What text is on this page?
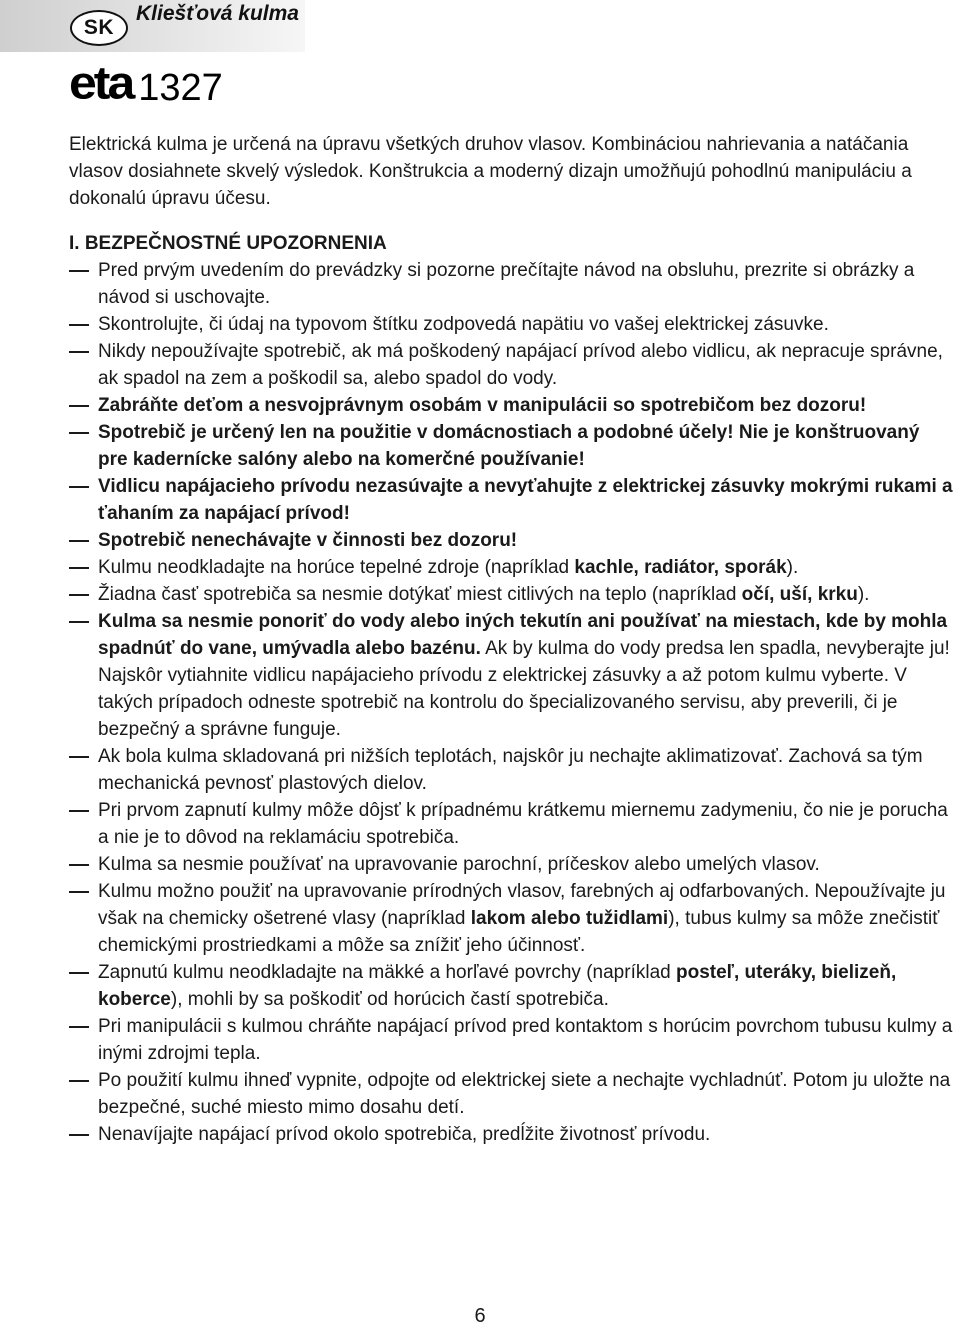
SK
Kliešťová kulma
eta 1327

Elektrická kulma je určená na úpravu všetkých druhov vlasov. Kombináciou nahrievania a natáčania vlasov dosiahnete skvelý výsledok. Konštrukcia a moderný dizajn umožňujú pohodlnú manipuláciu a dokonalú úpravu účesu.

I. BEZPEČNOSTNÉ UPOZORNENIA
Pred prvým uvedením do prevádzky si pozorne prečítajte návod na obsluhu, prezrite si obrázky a návod si uschovajte.
Skontrolujte, či údaj na typovom štítku zodpovedá napätiu vo vašej elektrickej zásuvke.
Nikdy nepoužívajte spotrebič, ak má poškodený napájací prívod alebo vidlicu, ak nepracuje správne, ak spadol na zem a poškodil sa, alebo spadol do vody.
Zabráňte deťom a nesvojprávnym osobám v manipulácii so spotrebičom bez dozoru!
Spotrebič je určený len na použitie v domácnostiach a podobné účely! Nie je konštruovaný pre kadernícke salóny alebo na komerčné používanie!
Vidlicu napájacieho prívodu nezasúvajte a nevyťahujte z elektrickej zásuvky mokrými rukami a ťahaním za napájací prívod!
Spotrebič nenechávajte v činnosti bez dozoru!
Kulmu neodkladajte na horúce tepelné zdroje (napríklad kachle, radiátor, sporák).
Žiadna časť spotrebiča sa nesmie dotýkať miest citlivých na teplo (napríklad očí, uší, krku).
Kulma sa nesmie ponoriť do vody alebo iných tekutín ani používať na miestach, kde by mohla spadnúť do vane, umývadla alebo bazénu. Ak by kulma do vody predsa len spadla, nevyberajte ju! Najskôr vytiahnite vidlicu napájacieho prívodu z elektrickej zásuvky a až potom kulmu vyberte. V takých prípadoch odneste spotrebič na kontrolu do špecializovaného servisu, aby preverili, či je bezpečný a správne funguje.
Ak bola kulma skladovaná pri nižších teplotách, najskôr ju nechajte aklimatizovať. Zachová sa tým mechanická pevnosť plastových dielov.
Pri prvom zapnutí kulmy môže dôjsť k prípadnému krátkemu miernemu zadymeniu, čo nie je porucha a nie je to dôvod na reklamáciu spotrebiča.
Kulma sa nesmie používať na upravovanie parochní, príčeskov alebo umelých vlasov.
Kulmu možno použiť na upravovanie prírodných vlasov, farebných aj odfarbovaných. Nepoužívajte ju však na chemicky ošetrené vlasy (napríklad lakom alebo tužidlami), tubus kulmy sa môže znečistiť chemickými prostriedkami a môže sa znížiť jeho účinnosť.
Zapnutú kulmu neodkladajte na mäkké a horľavé povrchy (napríklad posteľ, uteráky, bielizeň, koberce), mohli by sa poškodiť od horúcich častí spotrebiča.
Pri manipulácii s kulmou chráňte napájací prívod pred kontaktom s horúcim povrchom tubusu kulmy a inými zdrojmi tepla.
Po použití kulmu ihneď vypnite, odpojte od elektrickej siete a nechajte vychladnúť. Potom ju uložte na bezpečné, suché miesto mimo dosahu detí.
Nenavíjajte napájací prívod okolo spotrebiča, predĺžite životnosť prívodu.
6
